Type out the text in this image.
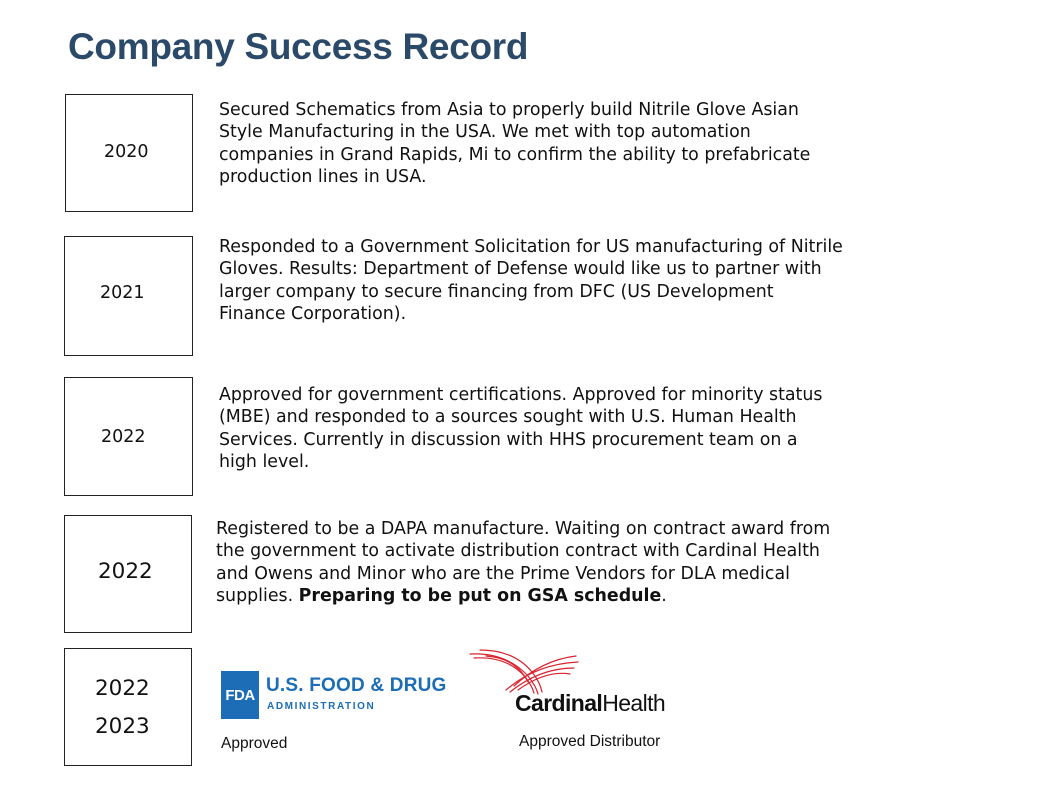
Company Success Record
2020

Secured Schematics from Asia to properly build Nitrile Glove Asian Style Manufacturing in the USA. We met with top automation companies in Grand Rapids, Mi to confirm the ability to prefabricate production lines in USA.

2021

Responded to a Government Solicitation for US manufacturing of Nitrile Gloves. Results: Department of Defense would like us to partner with larger company to secure financing from DFC (US Development Finance Corporation).

2022

Approved for government certifications. Approved for minority status (MBE) and responded to a sources sought with U.S. Human Health Services. Currently in discussion with HHS procurement team on a high level.

2022

Registered to be a DAPA manufacture. Waiting on contract award from the government to activate distribution contract with Cardinal Health and Owens and Minor who are the Prime Vendors for DLA medical supplies. Preparing to be put on GSA schedule.

2022
2023
FDA U.S. FOOD & DRUG
ADMINISTRATION
Approved
CardinalHealth
Approved Distributor
